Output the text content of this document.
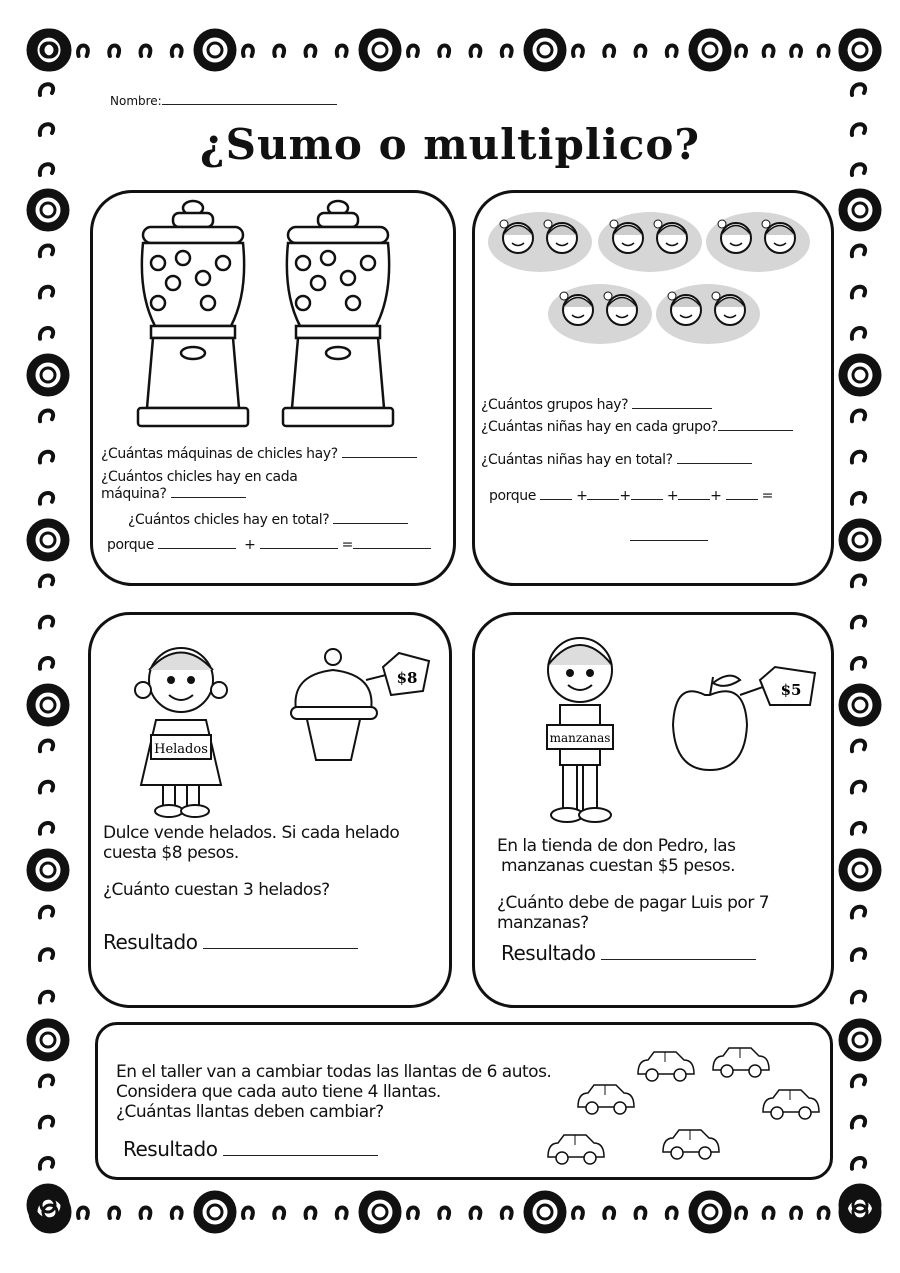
Nombre:
¿Sumo o multiplico?
¿Cuántas máquinas de chicles hay?
¿Cuántos chicles hay en cada
máquina?
¿Cuántos chicles hay en total?
porque	+	=
¿Cuántos grupos hay?
¿Cuántas niñas hay en cada grupo?
¿Cuántas niñas hay en total?
porque	+ +	+ +	=
Helados
$8
Dulce vende helados. Si cada helado
cuesta $8 pesos.
¿Cuánto cuestan 3 helados?
Resultado
manzanas
$5
En la tienda de don Pedro, las
manzanas cuestan $5 pesos.
¿Cuánto debe de pagar Luis por 7
manzanas?
Resultado
En el taller van a cambiar todas las llantas de 6 autos.
Considera que cada auto tiene 4 llantas.
¿Cuántas llantas deben cambiar?
Resultado
